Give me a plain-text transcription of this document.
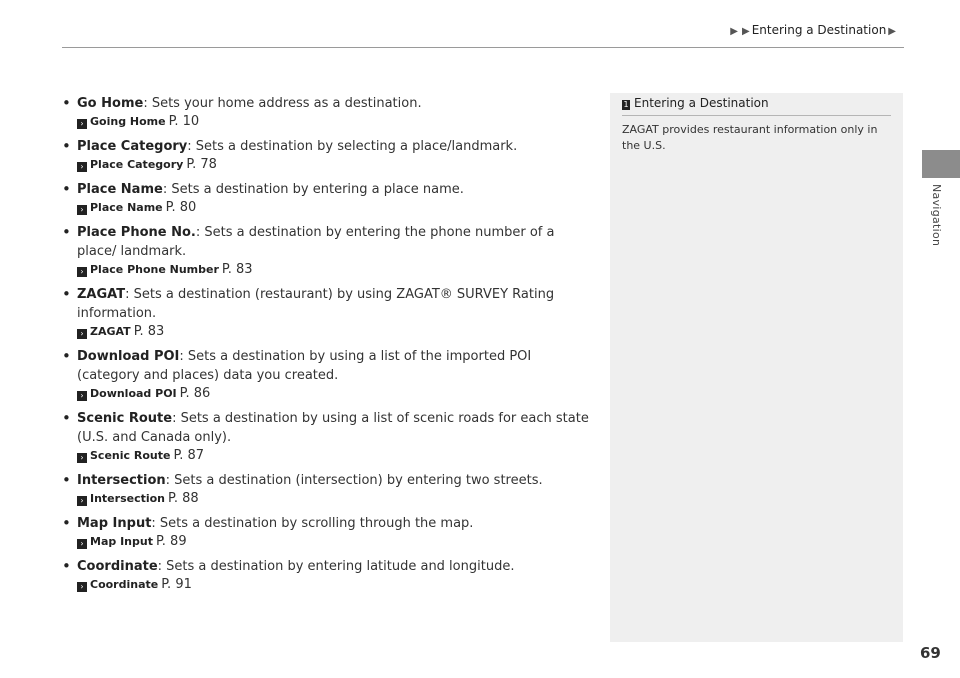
▶ ▶ Entering a Destination ▶
Navigation
• Go Home: Sets your home address as a destination.
› Going Home P. 10
• Place Category: Sets a destination by selecting a place/landmark.
› Place Category P. 78
• Place Name: Sets a destination by entering a place name.
› Place Name P. 80
• Place Phone No.: Sets a destination by entering the phone number of a place/ landmark.
› Place Phone Number P. 83
• ZAGAT: Sets a destination (restaurant) by using ZAGAT® SURVEY Rating information.
› ZAGAT P. 83
• Download POI: Sets a destination by using a list of the imported POI (category and places) data you created.
› Download POI P. 86
• Scenic Route: Sets a destination by using a list of scenic roads for each state (U.S. and Canada only).
› Scenic Route P. 87
• Intersection: Sets a destination (intersection) by entering two streets.
› Intersection P. 88
• Map Input: Sets a destination by scrolling through the map.
› Map Input P. 89
• Coordinate: Sets a destination by entering latitude and longitude.
› Coordinate P. 91
1 Entering a Destination
ZAGAT provides restaurant information only in the U.S.
69
